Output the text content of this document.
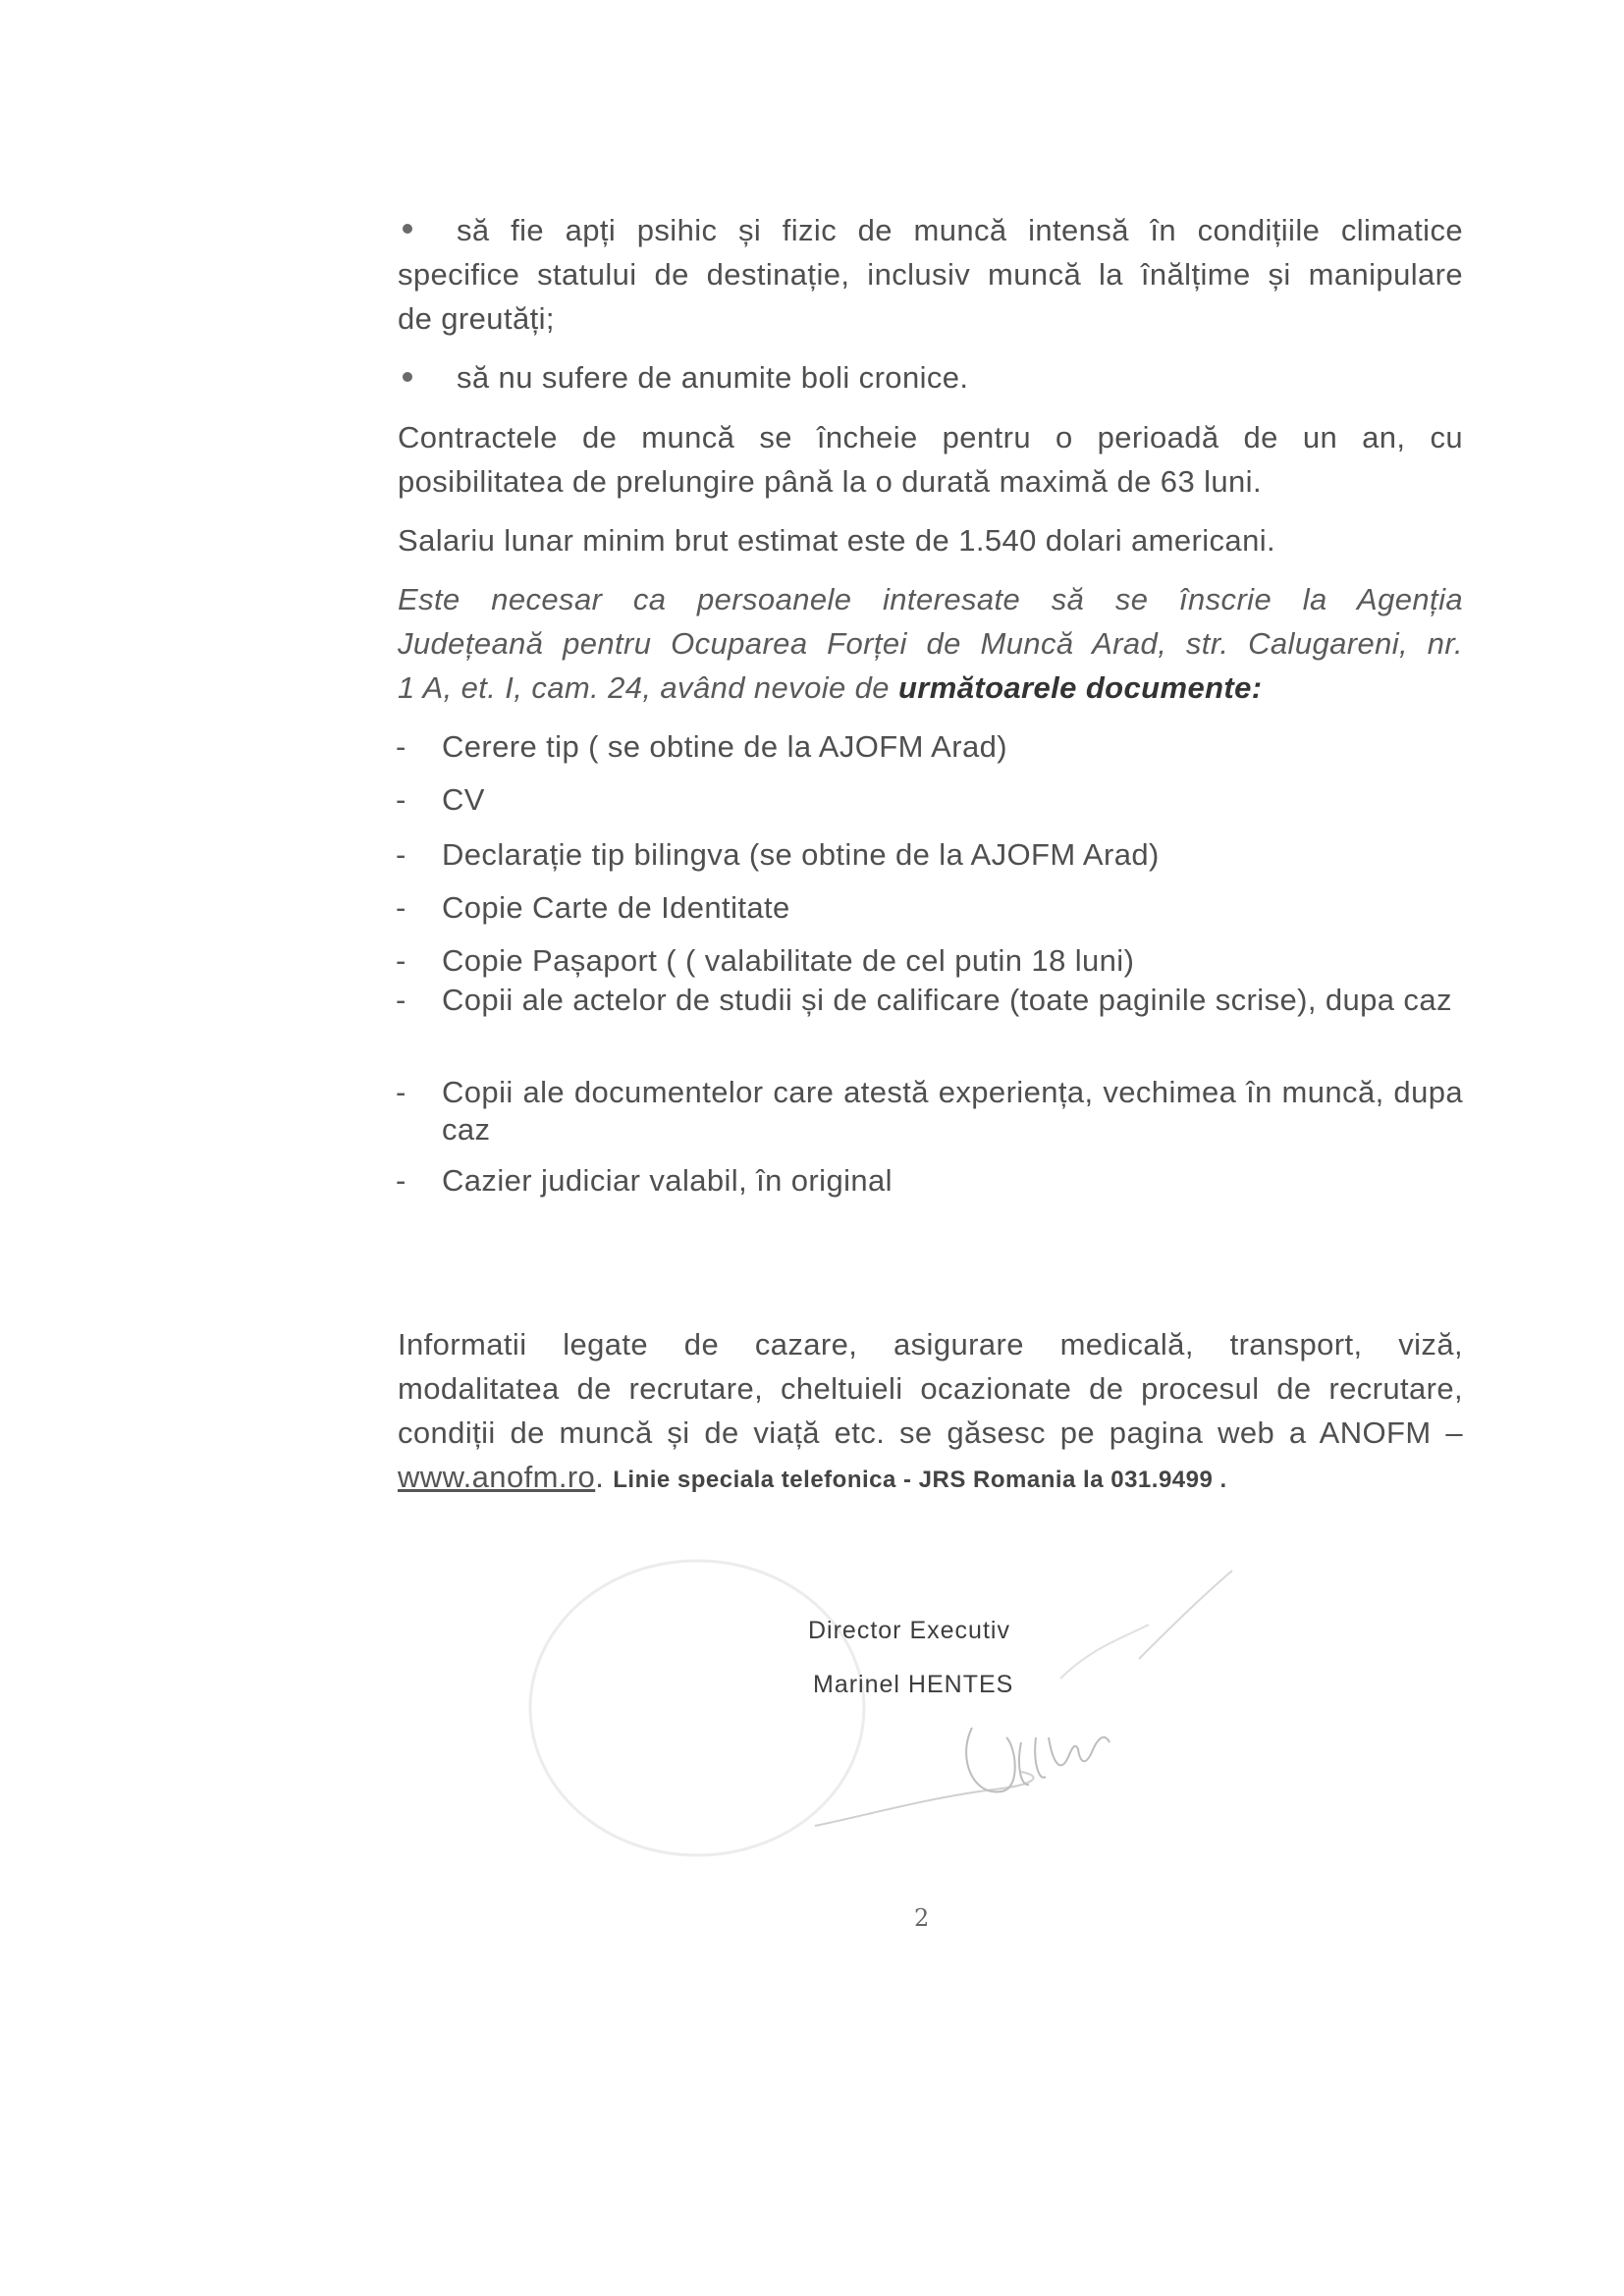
să fie apți psihic și fizic de muncă intensă în condițiile climatice
specifice statului de destinație, inclusiv muncă la înălțime și manipulare
de greutăți;
să nu sufere de anumite boli cronice.
Contractele de muncă se încheie pentru o perioadă de un an, cu
posibilitatea de prelungire până la o durată maximă de 63 luni.
Salariu lunar minim brut estimat este de 1.540 dolari americani.
Este necesar ca persoanele interesate să se înscrie la Agenția
Județeană pentru Ocuparea Forței de Muncă Arad, str. Calugareni, nr.
1 A, et. I, cam. 24, având nevoie de următoarele documente:
- Cerere tip ( se obtine de la AJOFM Arad)
- CV
- Declarație tip bilingva (se obtine de la AJOFM Arad)
- Copie Carte de Identitate
- Copie Pașaport ( ( valabilitate de cel putin 18 luni)
- Copii ale actelor de studii și de calificare (toate paginile scrise), dupa caz
- Copii ale documentelor care atestă experiența, vechimea în muncă, dupa caz
- Cazier judiciar valabil, în original
Informatii legate de cazare, asigurare medicală, transport, viză,
modalitatea de recrutare, cheltuieli ocazionate de procesul de recrutare,
condiții de muncă și de viață etc. se găsesc pe pagina web a ANOFM –
www.anofm.ro. Linie speciala telefonica - JRS Romania la 031.9499 .
Director Executiv
Marinel HENTES
2
